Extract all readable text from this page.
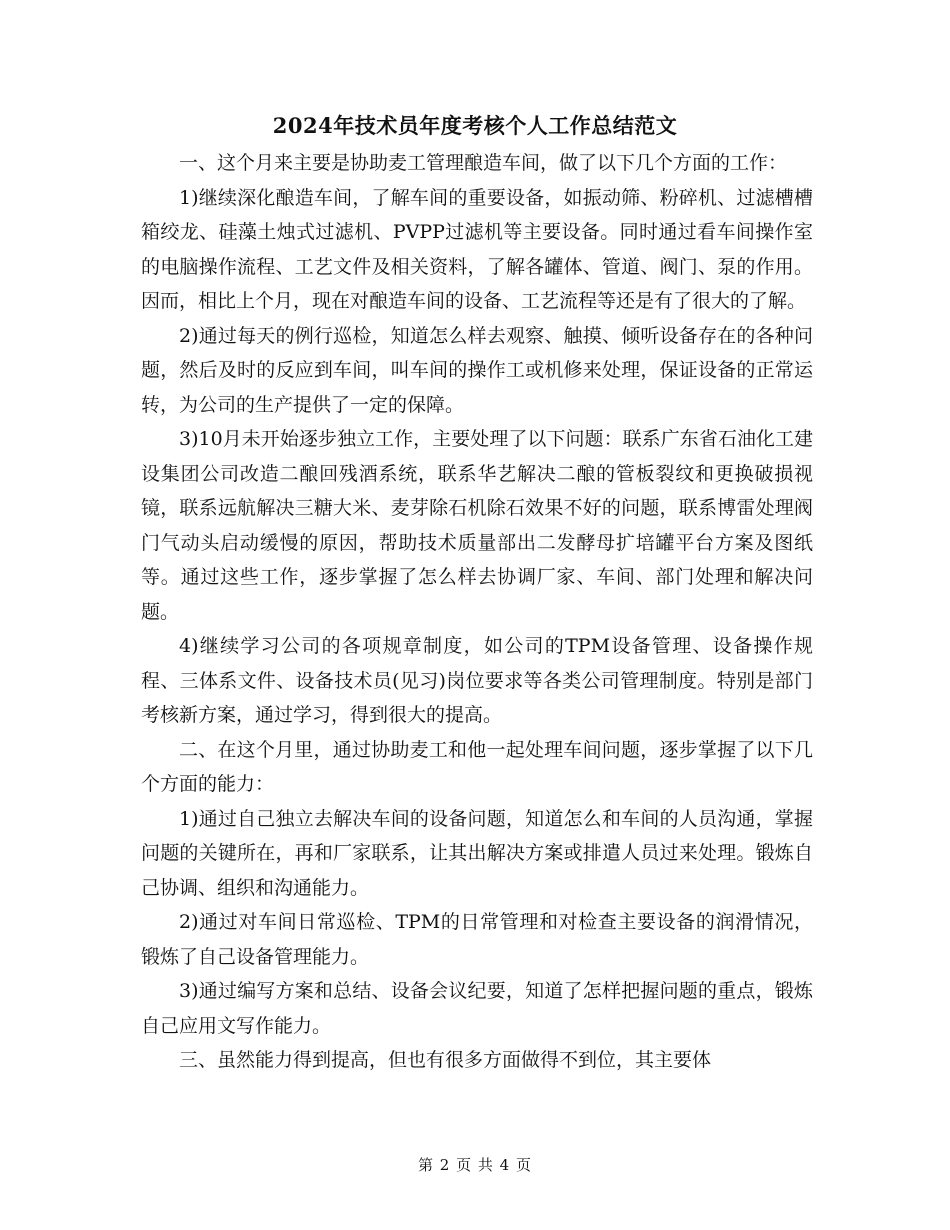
2024年技术员年度考核个人工作总结范文

一、这个月来主要是协助麦工管理酿造车间，做了以下几个方面的工作：

1)继续深化酿造车间，了解车间的重要设备，如振动筛、粉碎机、过滤槽槽箱绞龙、硅藻土烛式过滤机、PVPP过滤机等主要设备。同时通过看车间操作室的电脑操作流程、工艺文件及相关资料，了解各罐体、管道、阀门、泵的作用。因而，相比上个月，现在对酿造车间的设备、工艺流程等还是有了很大的了解。

2)通过每天的例行巡检，知道怎么样去观察、触摸、倾听设备存在的各种问题，然后及时的反应到车间，叫车间的操作工或机修来处理，保证设备的正常运转，为公司的生产提供了一定的保障。

3)10月未开始逐步独立工作，主要处理了以下问题：联系广东省石油化工建设集团公司改造二酿回残酒系统，联系华艺解决二酿的管板裂纹和更换破损视镜，联系远航解决三糖大米、麦芽除石机除石效果不好的问题，联系博雷处理阀门气动头启动缓慢的原因，帮助技术质量部出二发酵母扩培罐平台方案及图纸等。通过这些工作，逐步掌握了怎么样去协调厂家、车间、部门处理和解决问题。

4)继续学习公司的各项规章制度，如公司的TPM设备管理、设备操作规程、三体系文件、设备技术员(见习)岗位要求等各类公司管理制度。特别是部门考核新方案，通过学习，得到很大的提高。

二、在这个月里，通过协助麦工和他一起处理车间问题，逐步掌握了以下几个方面的能力：

1)通过自己独立去解决车间的设备问题，知道怎么和车间的人员沟通，掌握问题的关键所在，再和厂家联系，让其出解决方案或排遣人员过来处理。锻炼自己协调、组织和沟通能力。

2)通过对车间日常巡检、TPM的日常管理和对检查主要设备的润滑情况，锻炼了自己设备管理能力。

3)通过编写方案和总结、设备会议纪要，知道了怎样把握问题的重点，锻炼自己应用文写作能力。

三、虽然能力得到提高，但也有很多方面做得不到位，其主要体

第 2 页 共 4 页
